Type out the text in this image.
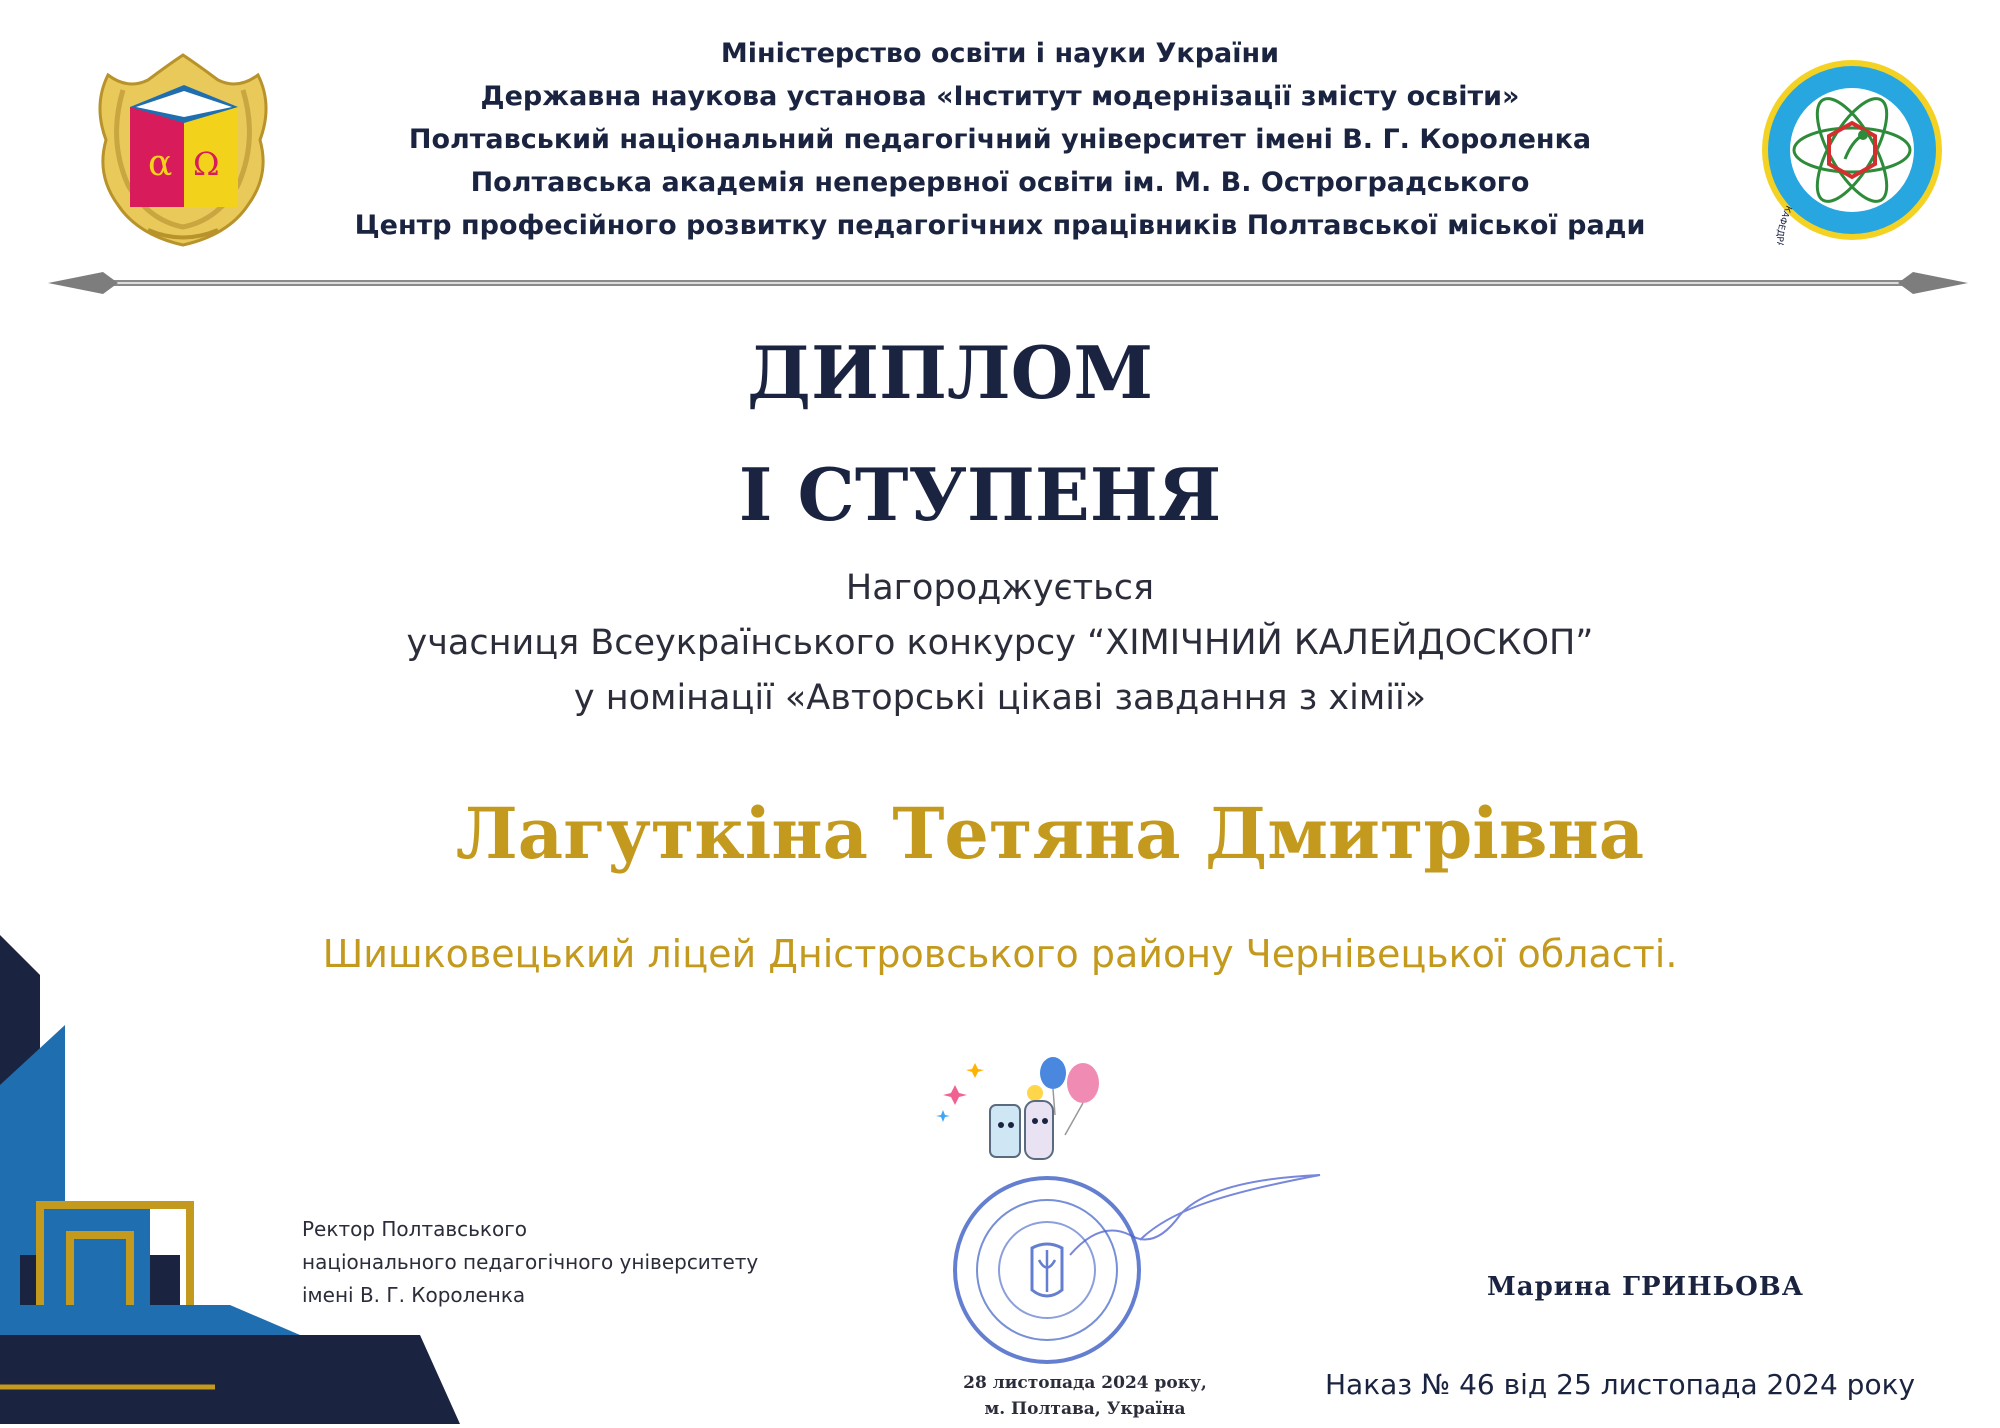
α Ω
КАФЕДРА
Міністерство освіти і науки України
Державна наукова установа «Інститут модернізації змісту освіти»
Полтавський національний педагогічний університет імені В. Г. Короленка
Полтавська академія неперервної освіти ім. М. В. Остроградського
Центр професійного розвитку педагогічних працівників Полтавської міської ради
ДИПЛОМ
І СТУПЕНЯ
Нагороджується
учасниця Всеукраїнського конкурсу “ХІМІЧНИЙ КАЛЕЙДОСКОП”
у номінації «Авторські цікаві завдання з хімії»
Лагуткіна Тетяна Дмитрівна
Шишковецький ліцей Дністровського району Чернівецької області.
28 листопада 2024 року,
м. Полтава, Україна
Ректор Полтавського
національного педагогічного університету
імені В. Г. Короленка	Марина ГРИНЬОВА
Наказ № 46 від 25 листопада 2024 року
